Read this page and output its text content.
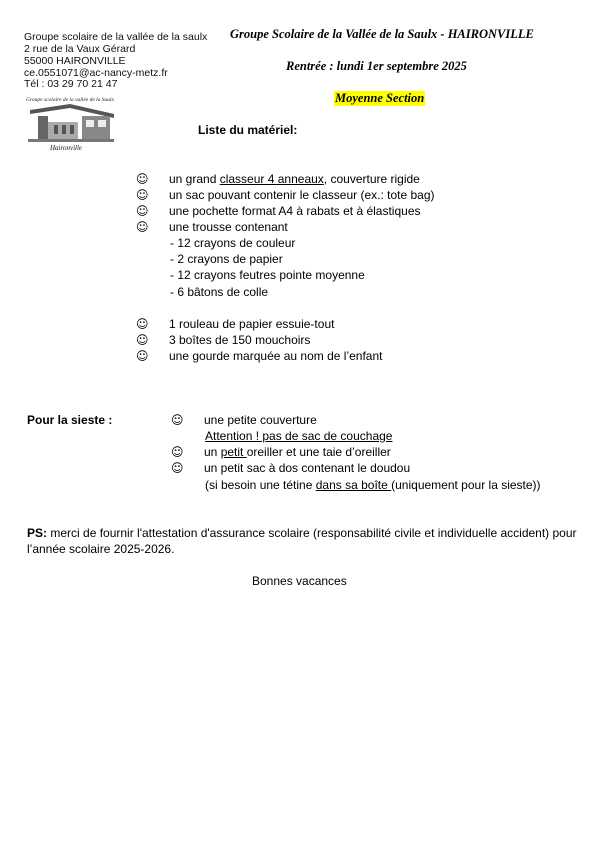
Groupe scolaire de la vallée de la saulx
2 rue de la Vaux Gérard
55000 HAIRONVILLE
ce.0551071@ac-nancy-metz.fr
Tél : 03 29 70 21 47
Groupe scolaire de la vallée de la Saulx
Haironville
Groupe Scolaire de la Vallée de la Saulx - HAIRONVILLE
Rentrée : lundi 1er septembre 2025
Moyenne Section
Liste du matériel:
☺ un grand classeur 4 anneaux, couverture rigide
☺ un sac pouvant contenir le classeur (ex.: tote bag)
☺ une pochette format A4 à rabats et à élastiques
☺ une trousse contenant
- 12 crayons de couleur
- 2 crayons de papier
- 12 crayons feutres pointe moyenne
- 6 bâtons de colle
☺ 1 rouleau de papier essuie-tout
☺ 3 boîtes de 150 mouchoirs
☺ une gourde marquée au nom de l’enfant
Pour la sieste :	☺ une petite couverture
Attention ! pas de sac de couchage
☺ un petit oreiller et une taie d’oreiller
☺ un petit sac à dos contenant le doudou
(si besoin une tétine dans sa boîte (uniquement pour la sieste))
PS: merci de fournir l'attestation d'assurance scolaire (responsabilité civile et individuelle accident) pour
l’année scolaire 2025-2026.
Bonnes vacances
